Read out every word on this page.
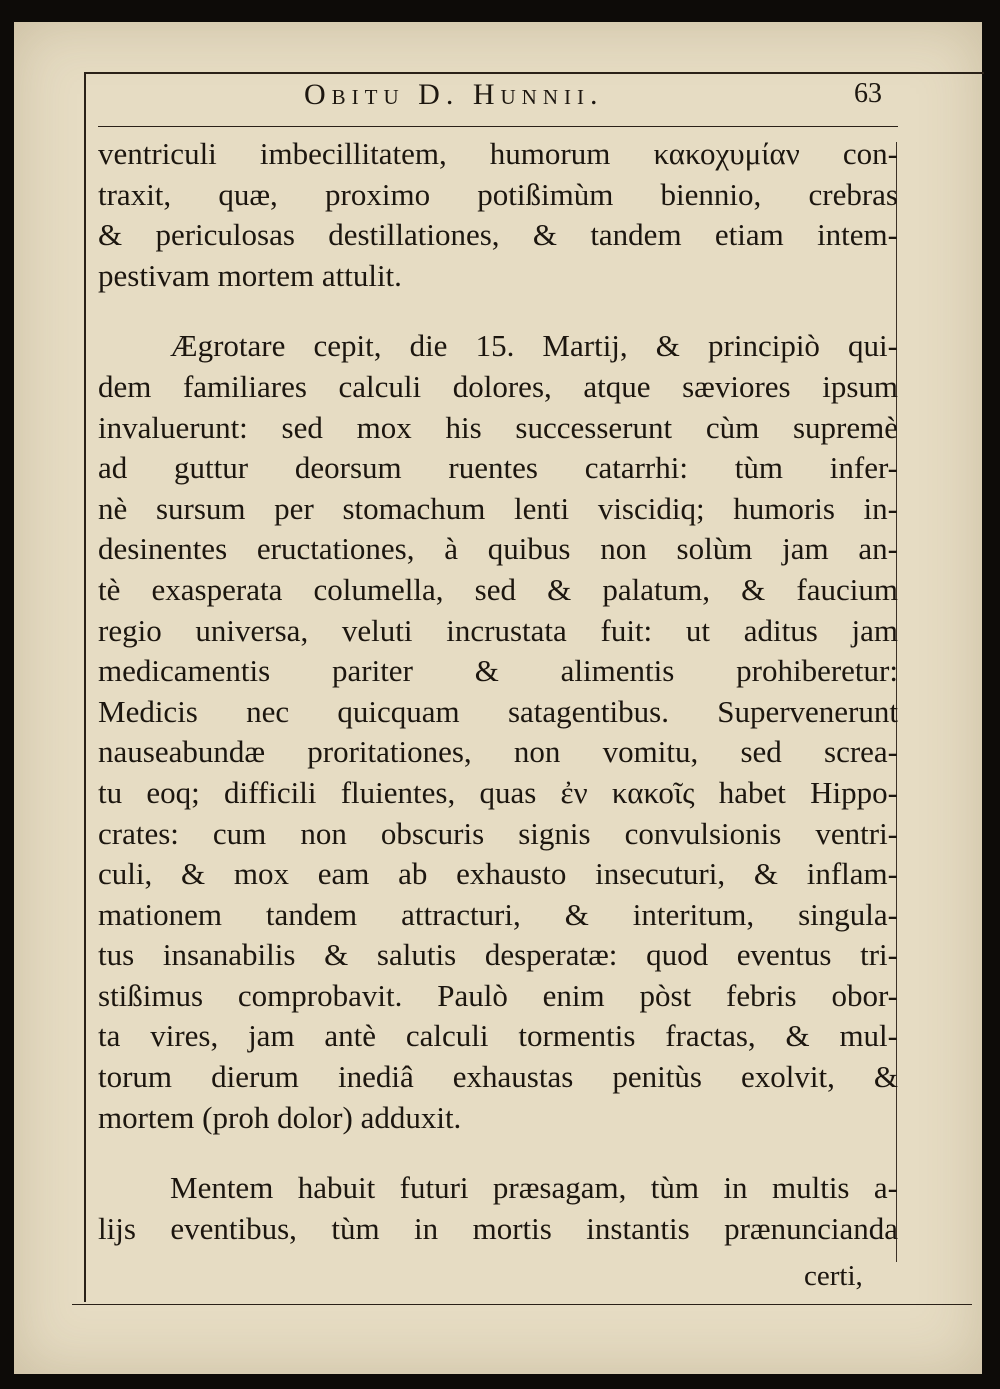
Obitu D. Hunnii.	63
ventriculi imbecillitatem, humorum κακοχυμίαν con-
traxit, quæ, proximo potißimùm biennio, crebras
& periculosas destillationes, & tandem etiam intem-
pestivam mortem attulit.
Ægrotare cepit, die 15. Martij, & principiò qui-
dem familiares calculi dolores, atque sæviores ipsum
invaluerunt: sed mox his successerunt cùm supremè
ad guttur deorsum ruentes catarrhi: tùm infer-
nè sursum per stomachum lenti viscidiq; humoris in-
desinentes eructationes, à quibus non solùm jam an-
tè exasperata columella, sed & palatum, & faucium
regio universa, veluti incrustata fuit: ut aditus jam
medicamentis pariter & alimentis prohiberetur:
Medicis nec quicquam satagentibus. Supervenerunt
nauseabundæ proritationes, non vomitu, sed screa-
tu eoq; difficili fluientes, quas ἐν κακοῖς habet Hippo-
crates: cum non obscuris signis convulsionis ventri-
culi, & mox eam ab exhausto insecuturi, & inflam-
mationem tandem attracturi, & interitum, singula-
tus insanabilis & salutis desperatæ: quod eventus tri-
stißimus comprobavit. Paulò enim pòst febris obor-
ta vires, jam antè calculi tormentis fractas, & mul-
torum dierum inediâ exhaustas penitùs exolvit, &
mortem (proh dolor) adduxit.
Mentem habuit futuri præsagam, tùm in multis a-
lijs eventibus, tùm in mortis instantis prænuncianda
certi,
